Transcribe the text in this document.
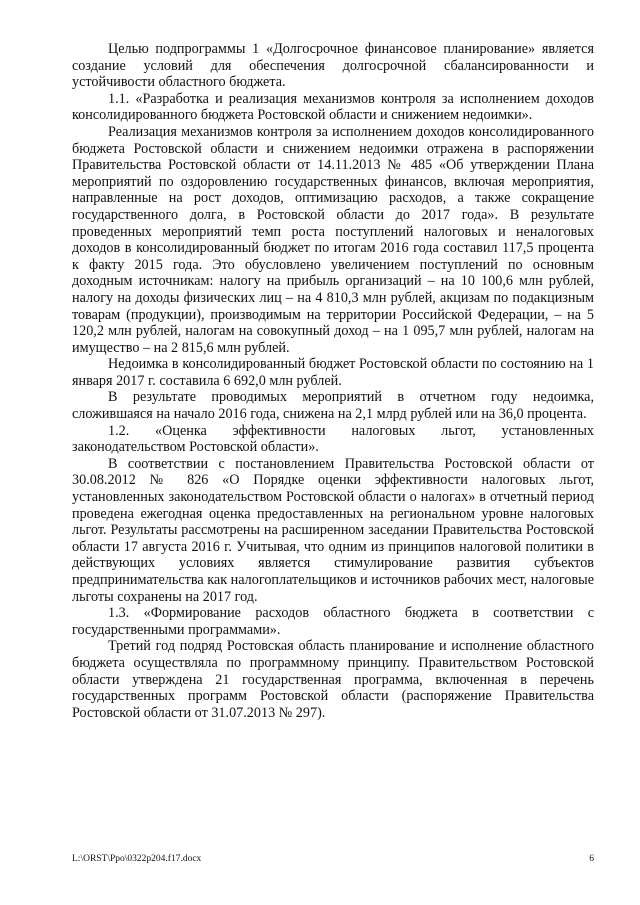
Целью подпрограммы 1 «Долгосрочное финансовое планирование» является создание условий для обеспечения долгосрочной сбалансированности и устойчивости областного бюджета.

1.1. «Разработка и реализация механизмов контроля за исполнением доходов консолидированного бюджета Ростовской области и снижением недоимки».

Реализация механизмов контроля за исполнением доходов консолидированного бюджета Ростовской области и снижением недоимки отражена в распоряжении Правительства Ростовской области от 14.11.2013 № 485 «Об утверждении Плана мероприятий по оздоровлению государственных финансов, включая мероприятия, направленные на рост доходов, оптимизацию расходов, а также сокращение государственного долга, в Ростовской области до 2017 года». В результате проведенных мероприятий темп роста поступлений налоговых и неналоговых доходов в консолидированный бюджет по итогам 2016 года составил 117,5 процента к факту 2015 года. Это обусловлено увеличением поступлений по основным доходным источникам: налогу на прибыль организаций – на 10 100,6 млн рублей, налогу на доходы физических лиц – на 4 810,3 млн рублей, акцизам по подакцизным товарам (продукции), производимым на территории Российской Федерации, – на 5 120,2 млн рублей, налогам на совокупный доход – на 1 095,7 млн рублей, налогам на имущество – на 2 815,6 млн рублей.

Недоимка в консолидированный бюджет Ростовской области по состоянию на 1 января 2017 г. составила 6 692,0 млн рублей.

В результате проводимых мероприятий в отчетном году недоимка, сложившаяся на начало 2016 года, снижена на 2,1 млрд рублей или на 36,0 процента.

1.2. «Оценка эффективности налоговых льгот, установленных законодательством Ростовской области».

В соответствии с постановлением Правительства Ростовской области от 30.08.2012 № 826 «О Порядке оценки эффективности налоговых льгот, установленных законодательством Ростовской области о налогах» в отчетный период проведена ежегодная оценка предоставленных на региональном уровне налоговых льгот. Результаты рассмотрены на расширенном заседании Правительства Ростовской области 17 августа 2016 г. Учитывая, что одним из принципов налоговой политики в действующих условиях является стимулирование развития субъектов предпринимательства как налогоплательщиков и источников рабочих мест, налоговые льготы сохранены на 2017 год.

1.3. «Формирование расходов областного бюджета в соответствии с государственными программами».

Третий год подряд Ростовская область планирование и исполнение областного бюджета осуществляла по программному принципу. Правительством Ростовской области утверждена 21 государственная программа, включенная в перечень государственных программ Ростовской области (распоряжение Правительства Ростовской области от 31.07.2013 № 297).

L:\ORST\Ppo\0322p204.f17.docx	6
